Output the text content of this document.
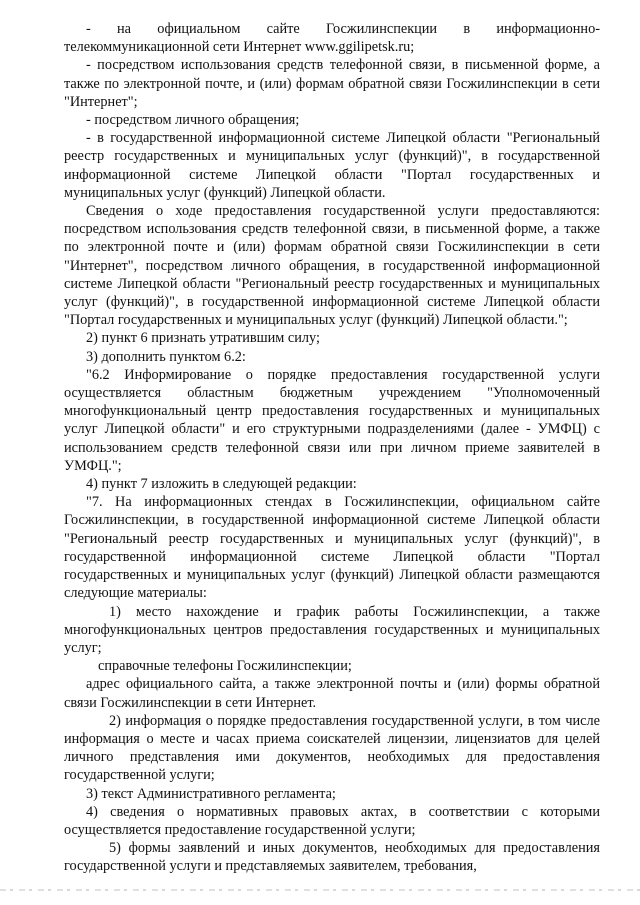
- на официальном сайте Госжилинспекции в информационно-телекоммуникационной сети Интернет www.ggilipetsk.ru;

- посредством использования средств телефонной связи, в письменной форме, а также по электронной почте, и (или) формам обратной связи Госжилинспекции в сети "Интернет";

- посредством личного обращения;

- в государственной информационной системе Липецкой области "Региональный реестр государственных и муниципальных услуг (функций)", в государственной информационной системе Липецкой области "Портал государственных и муниципальных услуг (функций) Липецкой области.

Сведения о ходе предоставления государственной услуги предоставляются: посредством использования средств телефонной связи, в письменной форме, а также по электронной почте и (или) формам обратной связи Госжилинспекции в сети "Интернет", посредством личного обращения, в государственной информационной системе Липецкой области "Региональный реестр государственных и муниципальных услуг (функций)", в государственной информационной системе Липецкой области "Портал государственных и муниципальных услуг (функций) Липецкой области.";

2) пункт 6 признать утратившим силу;

3) дополнить пунктом 6.2:

"6.2 Информирование о порядке предоставления государственной услуги осуществляется областным бюджетным учреждением "Уполномоченный многофункциональный центр предоставления государственных и муниципальных услуг Липецкой области" и его структурными подразделениями (далее - УМФЦ) с использованием средств телефонной связи или при личном приеме заявителей в УМФЦ.";

4) пункт 7 изложить в следующей редакции:

"7. На информационных стендах в Госжилинспекции, официальном сайте Госжилинспекции, в государственной информационной системе Липецкой области "Региональный реестр государственных и муниципальных услуг (функций)", в государственной информационной системе Липецкой области "Портал государственных и муниципальных услуг (функций) Липецкой области размещаются следующие материалы:

1) место нахождение и график работы Госжилинспекции, а также многофункциональных центров предоставления государственных и муниципальных услуг;

справочные телефоны Госжилинспекции;

адрес официального сайта, а также электронной почты и (или) формы обратной связи Госжилинспекции в сети Интернет.

2) информация о порядке предоставления государственной услуги, в том числе информация о месте и часах приема соискателей лицензии, лицензиатов для целей личного представления ими документов, необходимых для предоставления государственной услуги;

3) текст Административного регламента;

4) сведения о нормативных правовых актах, в соответствии с которыми осуществляется предоставление государственной услуги;

5) формы заявлений и иных документов, необходимых для предоставления государственной услуги и представляемых заявителем, требования,
